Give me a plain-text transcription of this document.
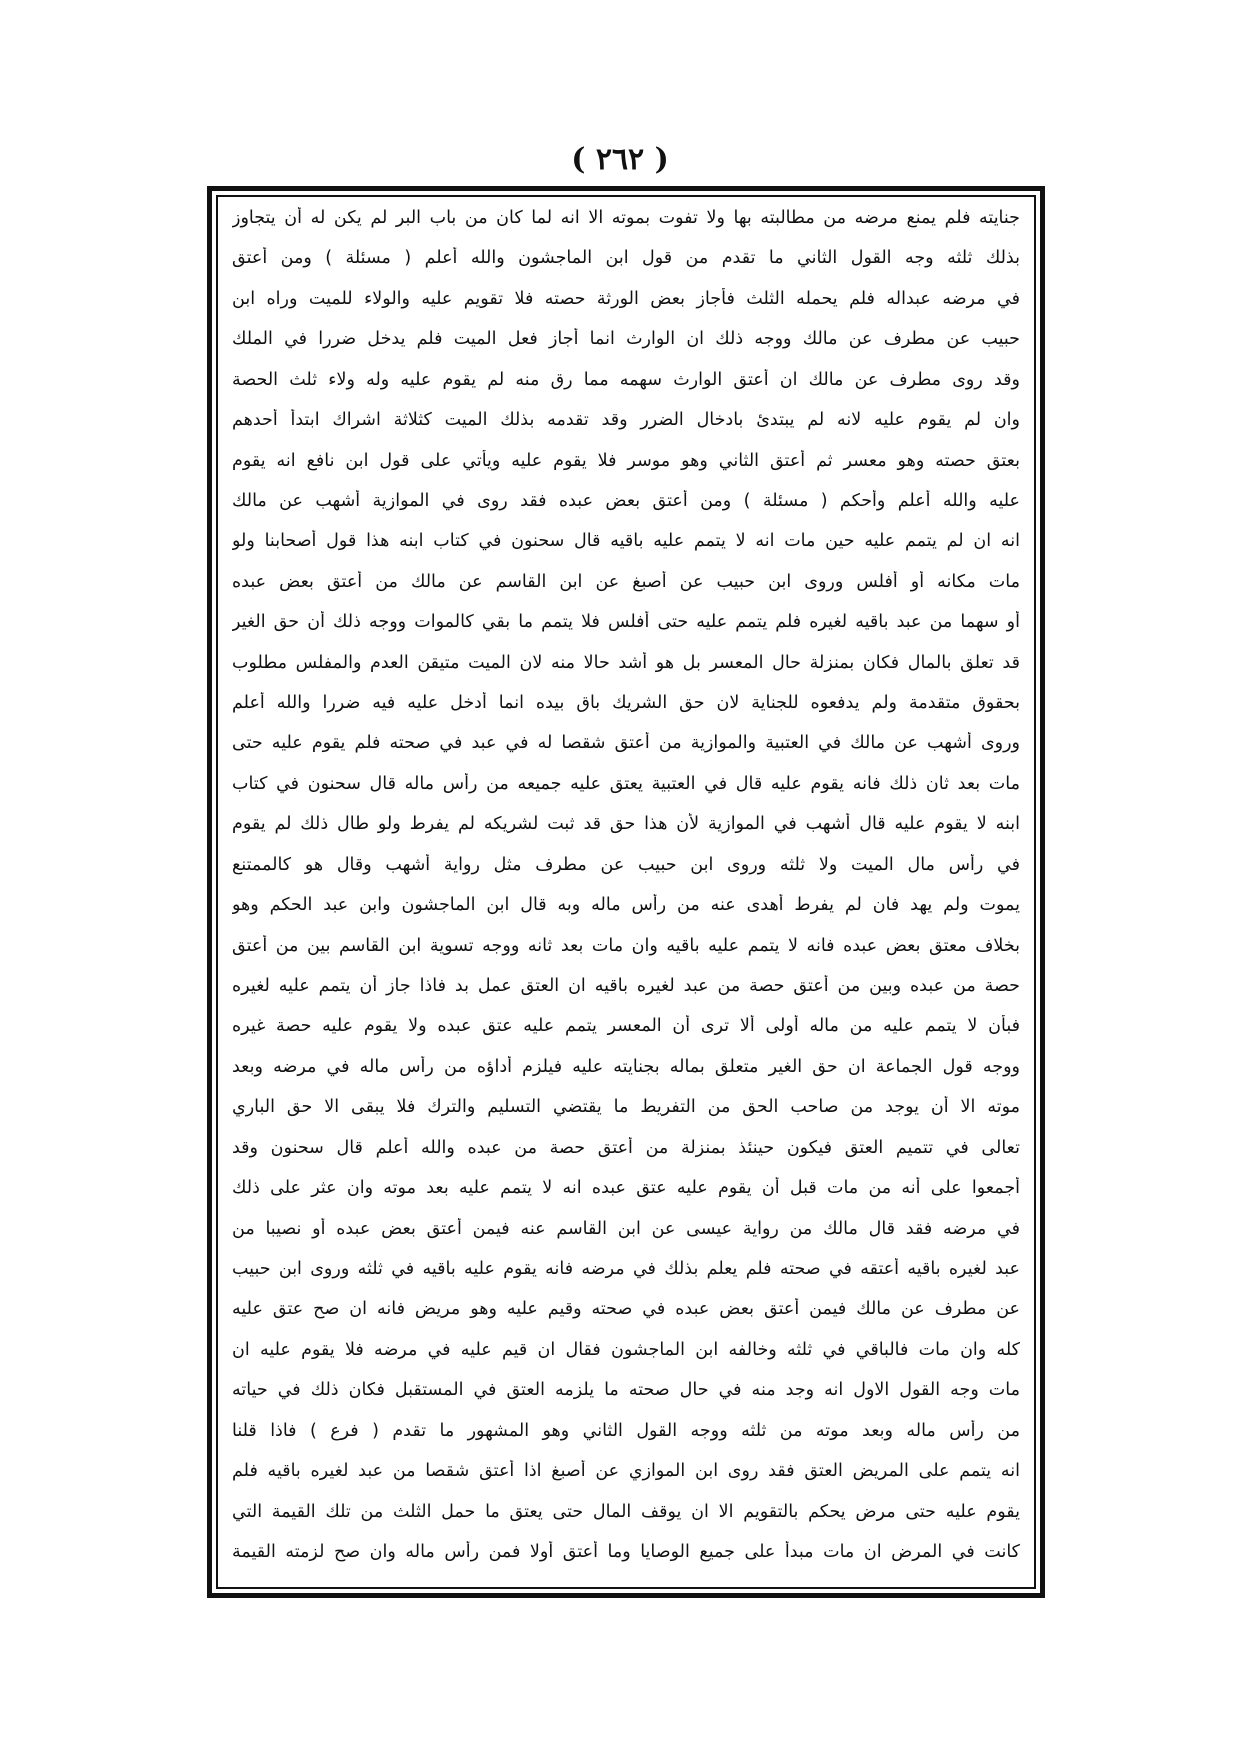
( ٢٦٢ )

جنايته فلم يمنع مرضه من مطالبته بها ولا تفوت بموته الا انه لما كان من باب البر لم يكن له أن يتجاوز

بذلك ثلثه وجه القول الثاني ما تقدم من قول ابن الماجشون والله أعلم ( مسئلة ) ومن أعتق

في مرضه عبداله فلم يحمله الثلث فأجاز بعض الورثة حصته فلا تقويم عليه والولاء للميت وراه ابن

حبيب عن مطرف عن مالك ووجه ذلك ان الوارث انما أجاز فعل الميت فلم يدخل ضررا في الملك

وقد روى مطرف عن مالك ان أعتق الوارث سهمه مما رق منه لم يقوم عليه وله ولاء ثلث الحصة

وان لم يقوم عليه لانه لم يبتدئ بادخال الضرر وقد تقدمه بذلك الميت كثلاثة اشراك ابتدأ أحدهم

بعتق حصته وهو معسر ثم أعتق الثاني وهو موسر فلا يقوم عليه ويأتي على قول ابن نافع انه يقوم

عليه والله أعلم وأحكم ( مسئلة ) ومن أعتق بعض عبده فقد روى في الموازية أشهب عن مالك

انه ان لم يتمم عليه حين مات انه لا يتمم عليه باقيه قال سحنون في كتاب ابنه هذا قول أصحابنا ولو

مات مكانه أو أفلس وروى ابن حبيب عن أصبغ عن ابن القاسم عن مالك من أعتق بعض عبده

أو سهما من عبد باقيه لغيره فلم يتمم عليه حتى أفلس فلا يتمم ما بقي كالموات ووجه ذلك أن حق الغير

قد تعلق بالمال فكان بمنزلة حال المعسر بل هو أشد حالا منه لان الميت متيقن العدم والمفلس مطلوب

بحقوق متقدمة ولم يدفعوه للجناية لان حق الشريك باق بيده انما أدخل عليه فيه ضررا والله أعلم

وروى أشهب عن مالك في العتبية والموازية من أعتق شقصا له في عبد في صحته فلم يقوم عليه حتى

مات بعد ثان ذلك فانه يقوم عليه قال في العتبية يعتق عليه جميعه من رأس ماله قال سحنون في كتاب

ابنه لا يقوم عليه قال أشهب في الموازية لأن هذا حق قد ثبت لشريكه لم يفرط ولو طال ذلك لم يقوم

في رأس مال الميت ولا ثلثه وروى ابن حبيب عن مطرف مثل رواية أشهب وقال هو كالممتنع

يموت ولم يهد فان لم يفرط أهدى عنه من رأس ماله وبه قال ابن الماجشون وابن عبد الحكم وهو

بخلاف معتق بعض عبده فانه لا يتمم عليه باقيه وان مات بعد ثانه ووجه تسوية ابن القاسم بين من أعتق

حصة من عبده وبين من أعتق حصة من عبد لغيره باقيه ان العتق عمل بد فاذا جاز أن يتمم عليه لغيره

فبأن لا يتمم عليه من ماله أولى ألا ترى أن المعسر يتمم عليه عتق عبده ولا يقوم عليه حصة غيره

ووجه قول الجماعة ان حق الغير متعلق بماله بجنايته عليه فيلزم أداؤه من رأس ماله في مرضه وبعد

موته الا أن يوجد من صاحب الحق من التفريط ما يقتضي التسليم والترك فلا يبقى الا حق الباري

تعالى في تتميم العتق فيكون حينئذ بمنزلة من أعتق حصة من عبده والله أعلم قال سحنون وقد

أجمعوا على أنه من مات قبل أن يقوم عليه عتق عبده انه لا يتمم عليه بعد موته وان عثر على ذلك

في مرضه فقد قال مالك من رواية عيسى عن ابن القاسم عنه فيمن أعتق بعض عبده أو نصيبا من

عبد لغيره باقيه أعتقه في صحته فلم يعلم بذلك في مرضه فانه يقوم عليه باقيه في ثلثه وروى ابن حبيب

عن مطرف عن مالك فيمن أعتق بعض عبده في صحته وقيم عليه وهو مريض فانه ان صح عتق عليه

كله وان مات فالباقي في ثلثه وخالفه ابن الماجشون فقال ان قيم عليه في مرضه فلا يقوم عليه ان

مات وجه القول الاول انه وجد منه في حال صحته ما يلزمه العتق في المستقبل فكان ذلك في حياته

من رأس ماله وبعد موته من ثلثه ووجه القول الثاني وهو المشهور ما تقدم ( فرع ) فاذا قلنا

انه يتمم على المريض العتق فقد روى ابن الموازي عن أصبغ اذا أعتق شقصا من عبد لغيره باقيه فلم

يقوم عليه حتى مرض يحكم بالتقويم الا ان يوقف المال حتى يعتق ما حمل الثلث من تلك القيمة التي

كانت في المرض ان مات مبدأ على جميع الوصايا وما أعتق أولا فمن رأس ماله وان صح لزمته القيمة
